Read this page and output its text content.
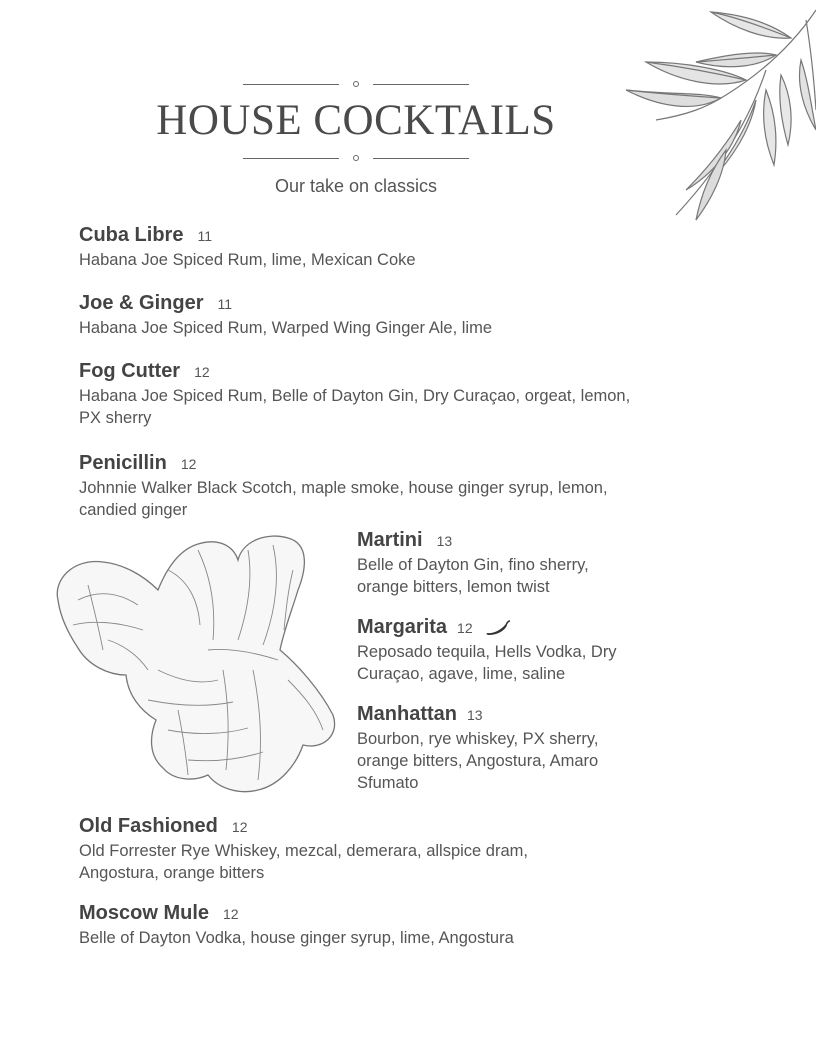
HOUSE COCKTAILS
Our take on classics
Cuba Libre 11
Habana Joe Spiced Rum, lime, Mexican Coke
Joe & Ginger 11
Habana Joe Spiced Rum, Warped Wing Ginger Ale, lime
Fog Cutter 12
Habana Joe Spiced Rum, Belle of Dayton Gin, Dry Curaçao, orgeat, lemon, PX sherry
Penicillin 12
Johnnie Walker Black Scotch, maple smoke, house ginger syrup, lemon, candied ginger
Martini 13
Belle of Dayton Gin, fino sherry, orange bitters, lemon twist
Margarita 12
Reposado tequila, Hells Vodka, Dry Curaçao, agave, lime, saline
Manhattan 13
Bourbon, rye whiskey, PX sherry, orange bitters, Angostura, Amaro Sfumato
Old Fashioned 12
Old Forrester Rye Whiskey, mezcal, demerara, allspice dram, Angostura, orange bitters
Moscow Mule 12
Belle of Dayton Vodka, house ginger syrup, lime, Angostura
